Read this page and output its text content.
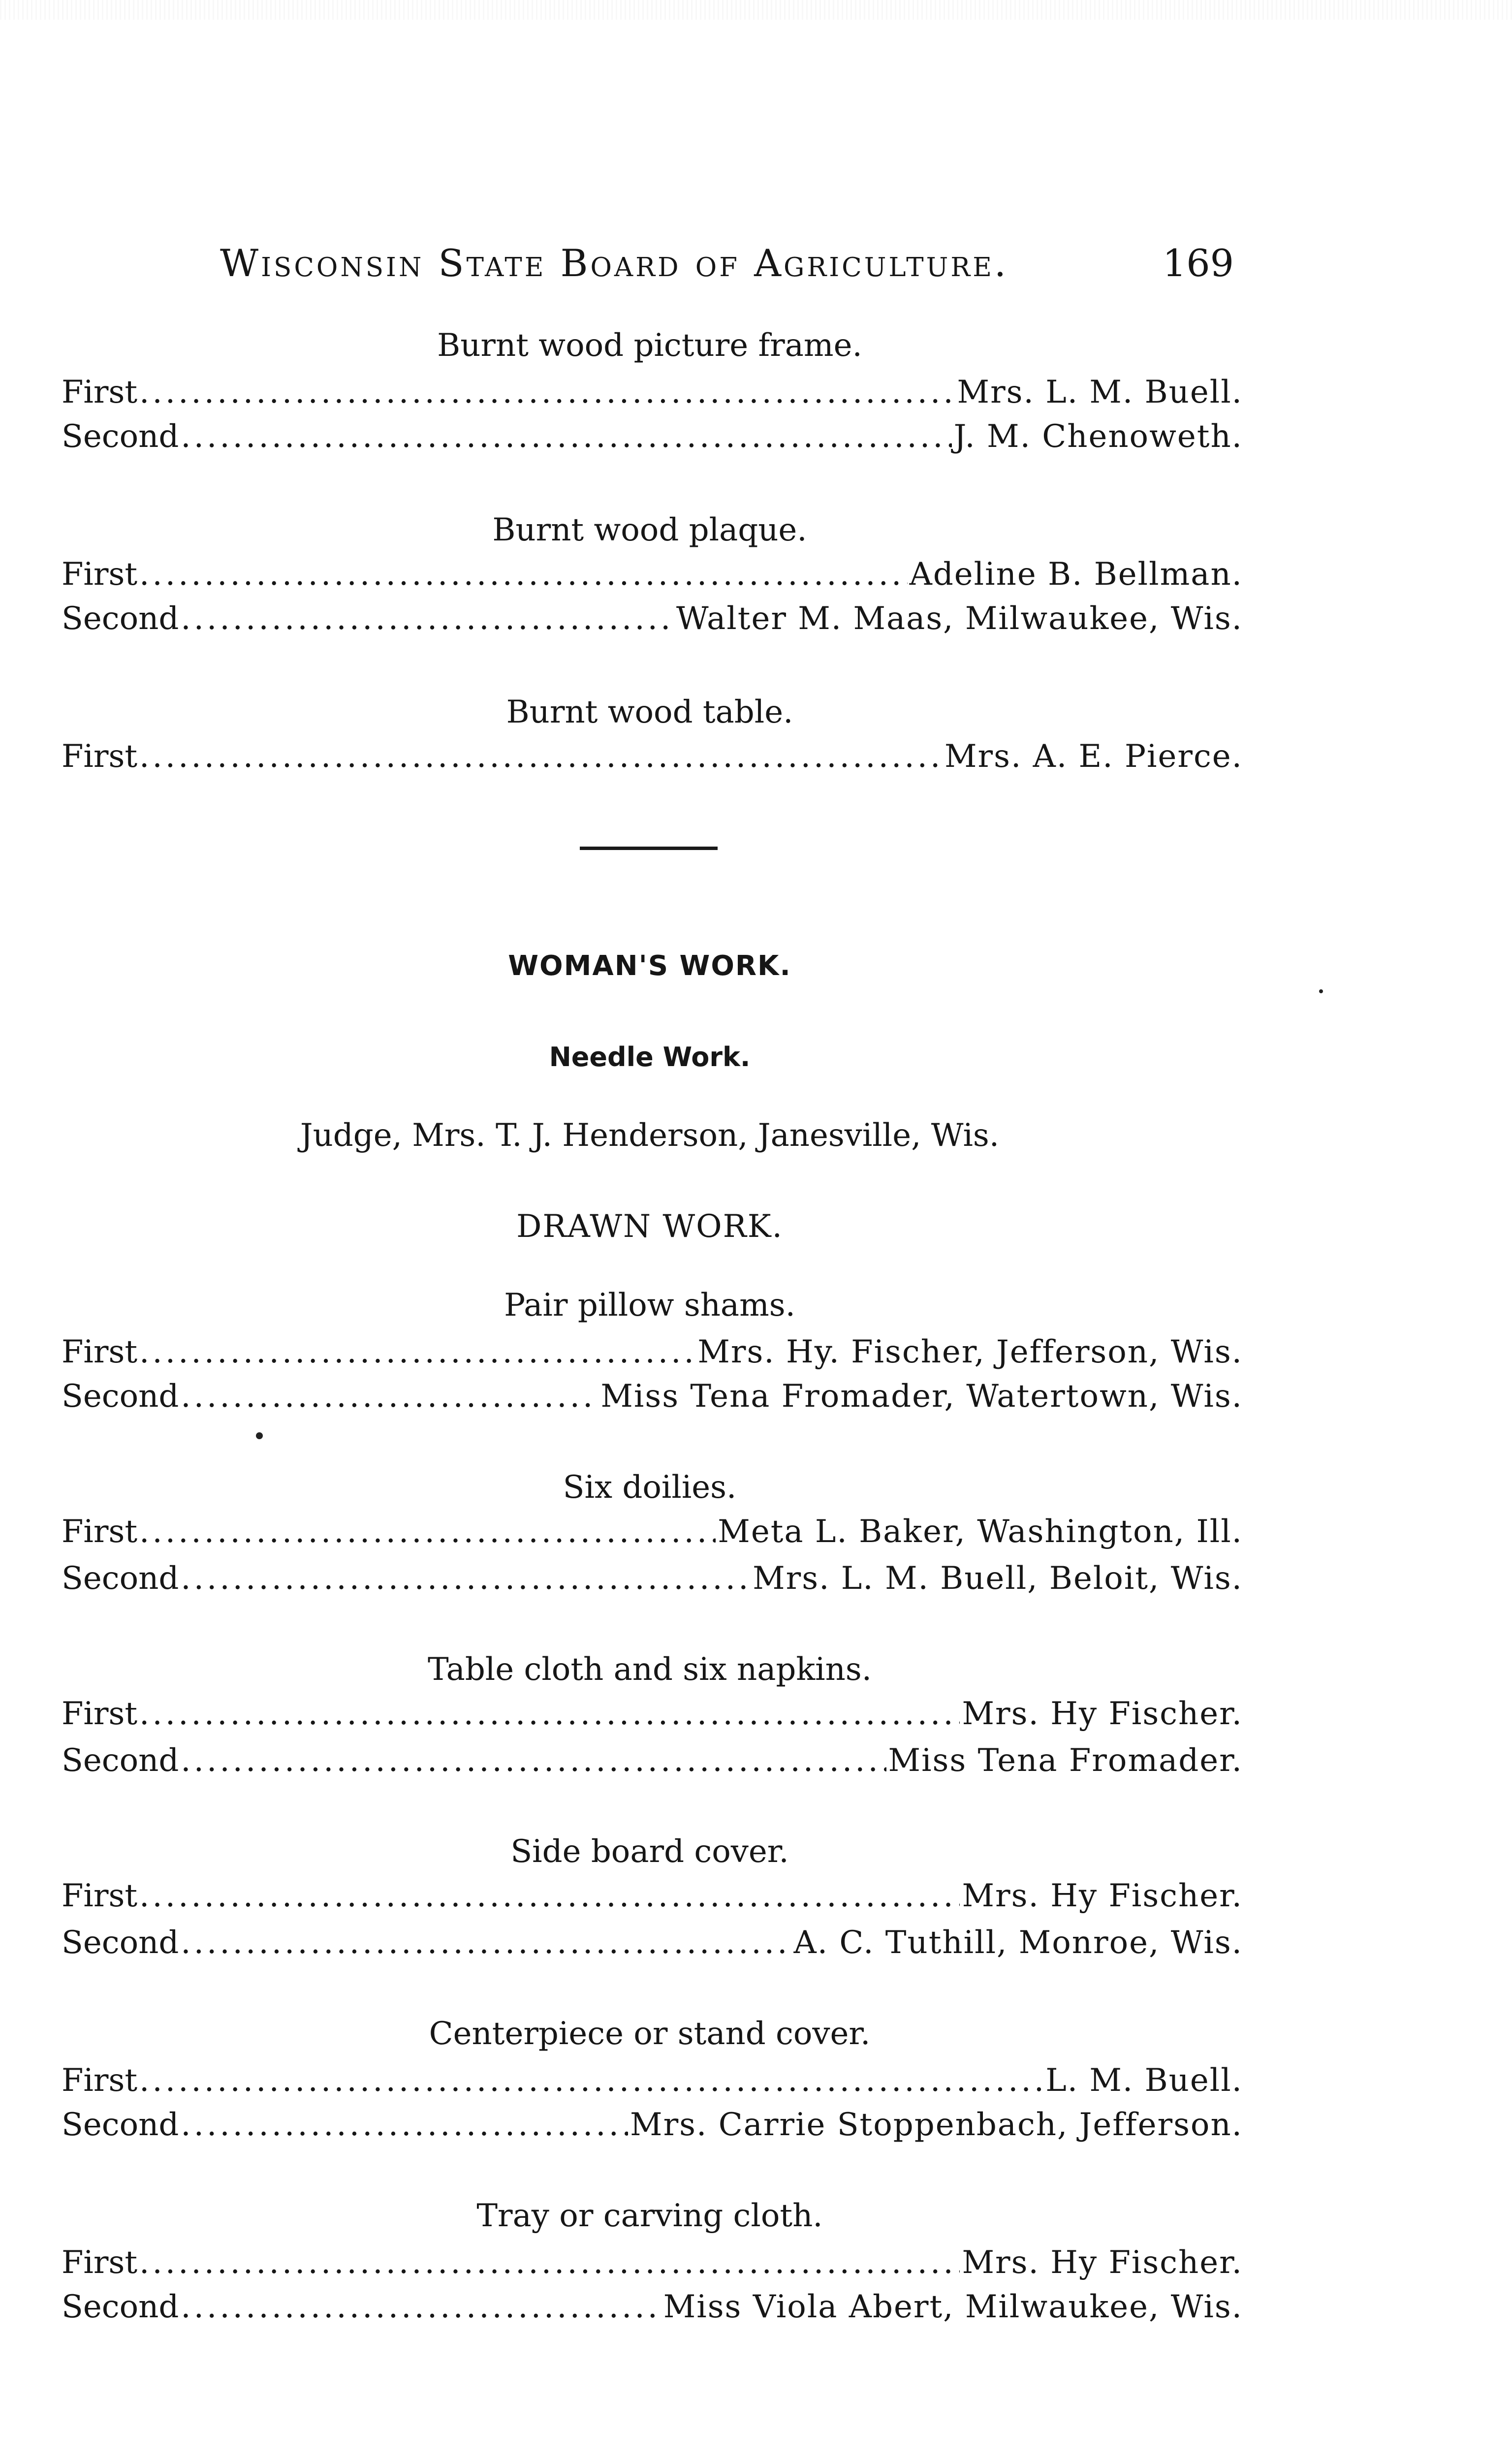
Wisconsin State Board of Agriculture.	169
Burnt wood picture frame.
First .....	Mrs. L. M. Buell.
Second .....	J. M. Chenoweth.
Burnt wood plaque.
First .....	Adeline B. Bellman.
Second .....	Walter M. Maas, Milwaukee, Wis.
Burnt wood table.
First .....	Mrs. A. E. Pierce.
WOMAN'S WORK.
Needle Work.
Judge, Mrs. T. J. Henderson, Janesville, Wis.
DRAWN WORK.
Pair pillow shams.
First .....	Mrs. Hy. Fischer, Jefferson, Wis.
Second .....	Miss Tena Fromader, Watertown, Wis.
Six doilies.
First .....	Meta L. Baker, Washington, Ill.
Second .....	Mrs. L. M. Buell, Beloit, Wis.
Table cloth and six napkins.
First .....	Mrs. Hy Fischer.
Second .....	Miss Tena Fromader.
Side board cover.
First .....	Mrs. Hy Fischer.
Second .....	A. C. Tuthill, Monroe, Wis.
Centerpiece or stand cover.
First .....	L. M. Buell.
Second .....	Mrs. Carrie Stoppenbach, Jefferson.
Tray or carving cloth.
First .....	Mrs. Hy Fischer.
Second .....	Miss Viola Abert, Milwaukee, Wis.
